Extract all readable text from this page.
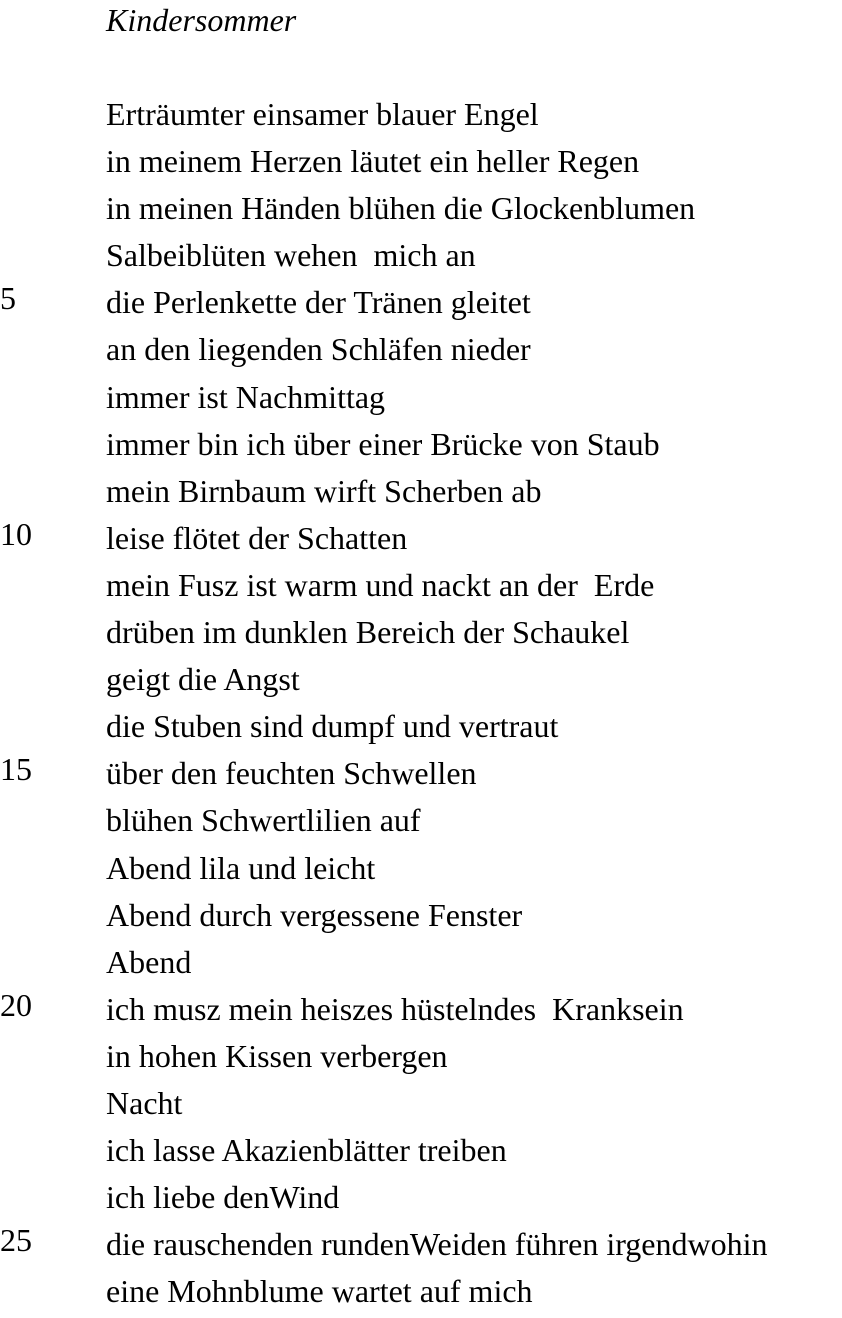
Kindersommer
Erträumter einsamer blauer Engel
in meinem Herzen läutet ein heller Regen
in meinen Händen blühen die Glockenblumen
Salbeiblüten wehen  mich an
5	die Perlenkette der Tränen gleitet
an den liegenden Schläfen nieder
immer ist Nachmittag
immer bin ich über einer Brücke von Staub
mein Birnbaum wirft Scherben ab
10	leise flötet der Schatten
mein Fusz ist warm und nackt an der  Erde
drüben im dunklen Bereich der Schaukel
geigt die Angst
die Stuben sind dumpf und vertraut
15	über den feuchten Schwellen
blühen Schwertlilien auf
Abend lila und leicht
Abend durch vergessene Fenster
Abend
20	ich musz mein heiszes hüstelndes  Kranksein
in hohen Kissen verbergen
Nacht
ich lasse Akazienblätter treiben
ich liebe denWind
25	die rauschenden rundenWeiden führen irgendwohin
eine Mohnblume wartet auf mich
